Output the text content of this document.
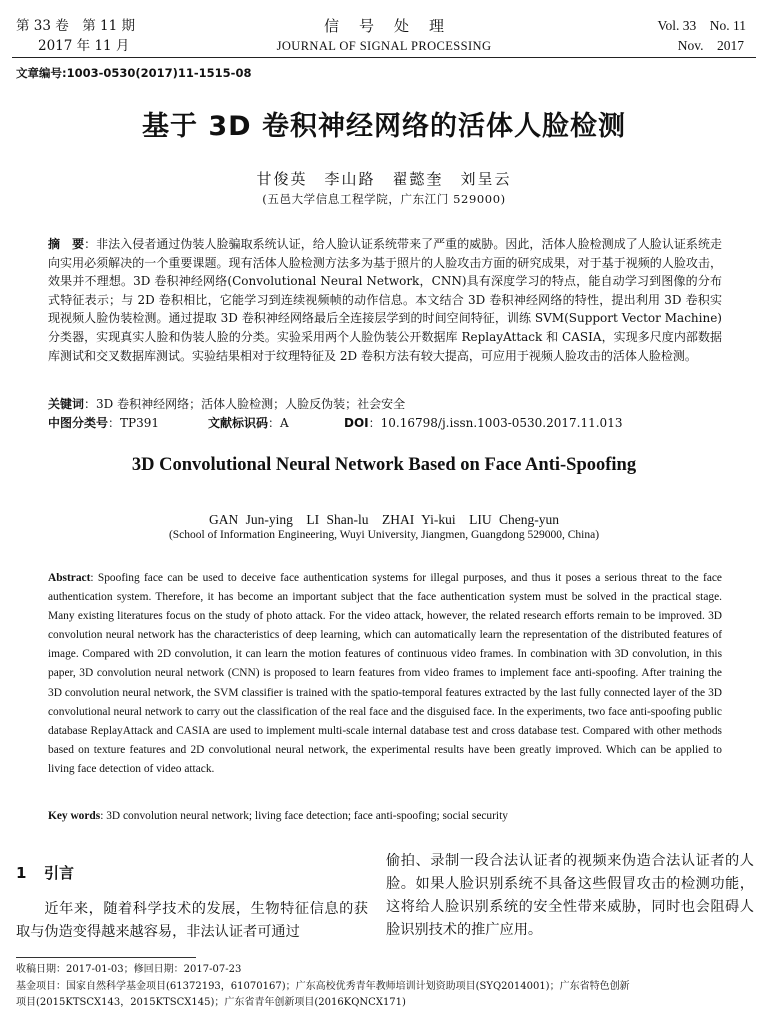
第 33 卷　第 11 期
2017 年 11 月
信号处理
JOURNAL OF SIGNAL PROCESSING
Vol. 33　No. 11
Nov.　2017
文章编号:1003-0530(2017)11-1515-08
基于 3D 卷积神经网络的活体人脸检测
甘俊英　李山路　翟懿奎　刘呈云
(五邑大学信息工程学院，广东江门 529000)
摘　要：非法入侵者通过伪装人脸骗取系统认证，给人脸认证系统带来了严重的威胁。因此，活体人脸检测成了人脸认证系统走向实用必须解决的一个重要课题。现有活体人脸检测方法多为基于照片的人脸攻击方面的研究成果，对于基于视频的人脸攻击，效果并不理想。3D 卷积神经网络(Convolutional Neural Network，CNN)具有深度学习的特点，能自动学习到图像的分布式特征表示；与 2D 卷积相比，它能学习到连续视频帧的动作信息。本文结合 3D 卷积神经网络的特性，提出利用 3D 卷积实现视频人脸伪装检测。通过提取 3D 卷积神经网络最后全连接层学到的时间空间特征，训练 SVM(Support Vector Machine)分类器，实现真实人脸和伪装人脸的分类。实验采用两个人脸伪装公开数据库 ReplayAttack 和 CASIA，实现多尺度内部数据库测试和交叉数据库测试。实验结果相对于纹理特征及 2D 卷积方法有较大提高，可应用于视频人脸攻击的活体人脸检测。
关键词：3D 卷积神经网络；活体人脸检测；人脸反伪装；社会安全
中图分类号：TP391	文献标识码：A	DOI：10.16798/j.issn.1003-0530.2017.11.013
3D Convolutional Neural Network Based on Face Anti-Spoofing
GAN Jun-ying　LI Shan-lu　ZHAI Yi-kui　LIU Cheng-yun
(School of Information Engineering, Wuyi University, Jiangmen, Guangdong 529000, China)
Abstract: Spoofing face can be used to deceive face authentication systems for illegal purposes, and thus it poses a serious threat to the face authentication system. Therefore, it has become an important subject that the face authentication system must be solved in the practical stage. Many existing literatures focus on the study of photo attack. For the video attack, however, the related research efforts remain to be improved. 3D convolution neural network has the characteristics of deep learning, which can automatically learn the representation of the distributed features of image. Compared with 2D convolution, it can learn the motion features of continuous video frames. In combination with 3D convolution, in this paper, 3D convolution neural network (CNN) is proposed to learn features from video frames to implement face anti-spoofing. After training the 3D convolution neural network, the SVM classifier is trained with the spatio-temporal features extracted by the last fully connected layer of the 3D convolutional neural network to carry out the classification of the real face and the disguised face. In the experiments, two face anti-spoofing public database ReplayAttack and CASIA are used to implement multi-scale internal database test and cross database test. Compared with other methods based on texture features and 2D convolutional neural network, the experimental results have been greatly improved. Which can be applied to living face detection of video attack.
Key words: 3D convolution neural network; living face detection; face anti-spoofing; social security
1 引言

近年来，随着科学技术的发展，生物特征信息的获取与伪造变得越来越容易，非法认证者可通过

偷拍、录制一段合法认证者的视频来伪造合法认证者的人脸。如果人脸识别系统不具备这些假冒攻击的检测功能，这将给人脸识别系统的安全性带来威胁，同时也会阻碍人脸识别技术的推广应用。

收稿日期：2017-01-03；修回日期：2017-07-23
基金项目：国家自然科学基金项目(61372193，61070167)；广东高校优秀青年教师培训计划资助项目(SYQ2014001)；广东省特色创新
项目(2015KTSCX143，2015KTSCX145)；广东省青年创新项目(2016KQNCX171)
